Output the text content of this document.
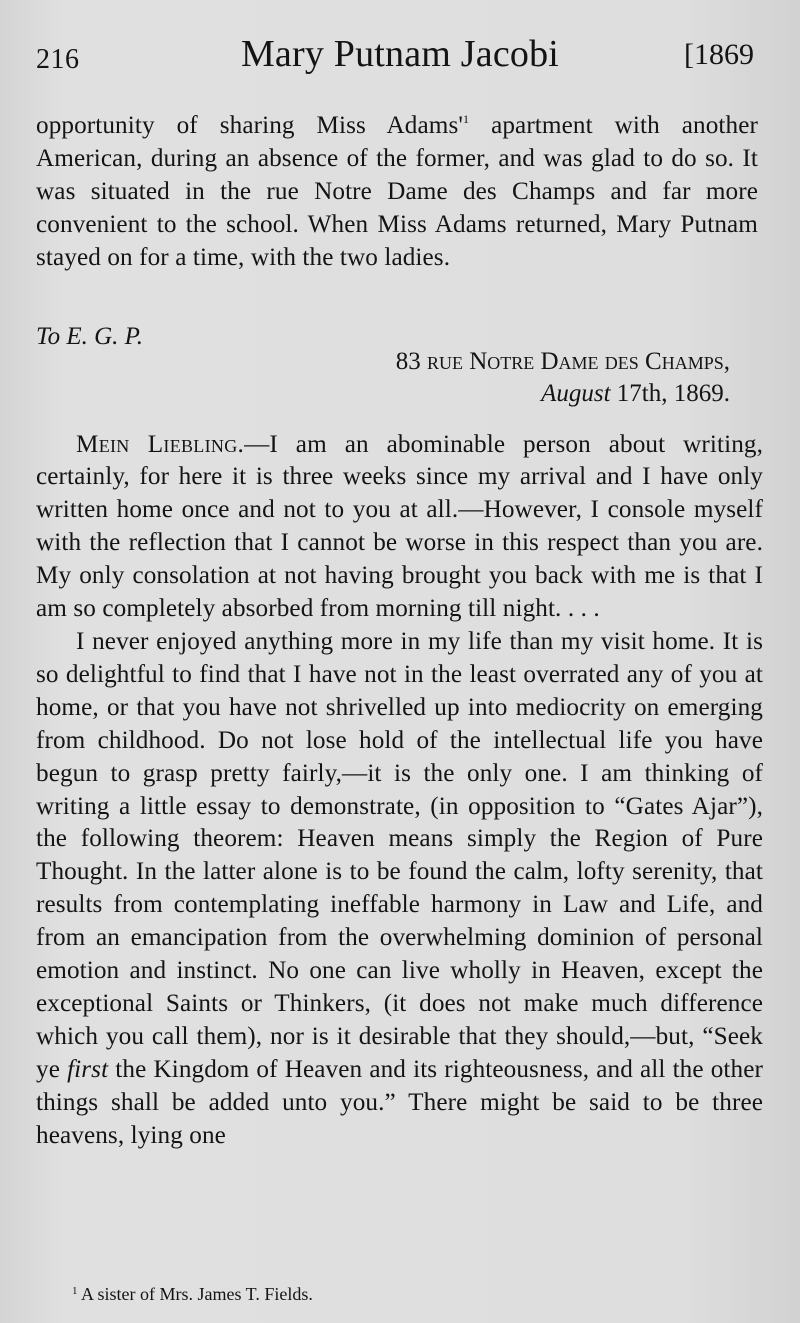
216	Mary Putnam Jacobi	[1869

opportunity of sharing Miss $Adams'^1$ apartment with another American, during an absence of the former, and was glad to do so. It was situated in the rue Notre Dame des Champs and far more convenient to the school. When Miss Adams returned, Mary Putnam stayed on for a time, with the two ladies.

To E. G. P.
83 rue Notre Dame des Champs,
August 17th, 1869.

Mein Liebling.—I am an abominable person about writing, certainly, for here it is three weeks since my arrival and I have only written home once and not to you at all.—However, I console myself with the reflection that I cannot be worse in this respect than you are. My only consolation at not having brought you back with me is that I am so completely absorbed from morning till night. . . .

I never enjoyed anything more in my life than my visit home. It is so delightful to find that I have not in the least overrated any of you at home, or that you have not shrivelled up into mediocrity on emerging from childhood. Do not lose hold of the intellectual life you have begun to grasp pretty fairly,—it is the only one. I am thinking of writing a little essay to demonstrate, (in opposition to “Gates Ajar”), the following theorem: Heaven means simply the Region of Pure Thought. In the latter alone is to be found the calm, lofty serenity, that results from contemplating ineffable harmony in Law and Life, and from an emancipation from the overwhelming dominion of personal emotion and instinct. No one can live wholly in Heaven, except the exceptional Saints or Thinkers, (it does not make much difference which you call them), nor is it desirable that they should,—but, “Seek ye first the Kingdom of Heaven and its righteousness, and all the other things shall be added unto you.” There might be said to be three heavens, lying one

$^1$ A sister of Mrs. James T. Fields.
